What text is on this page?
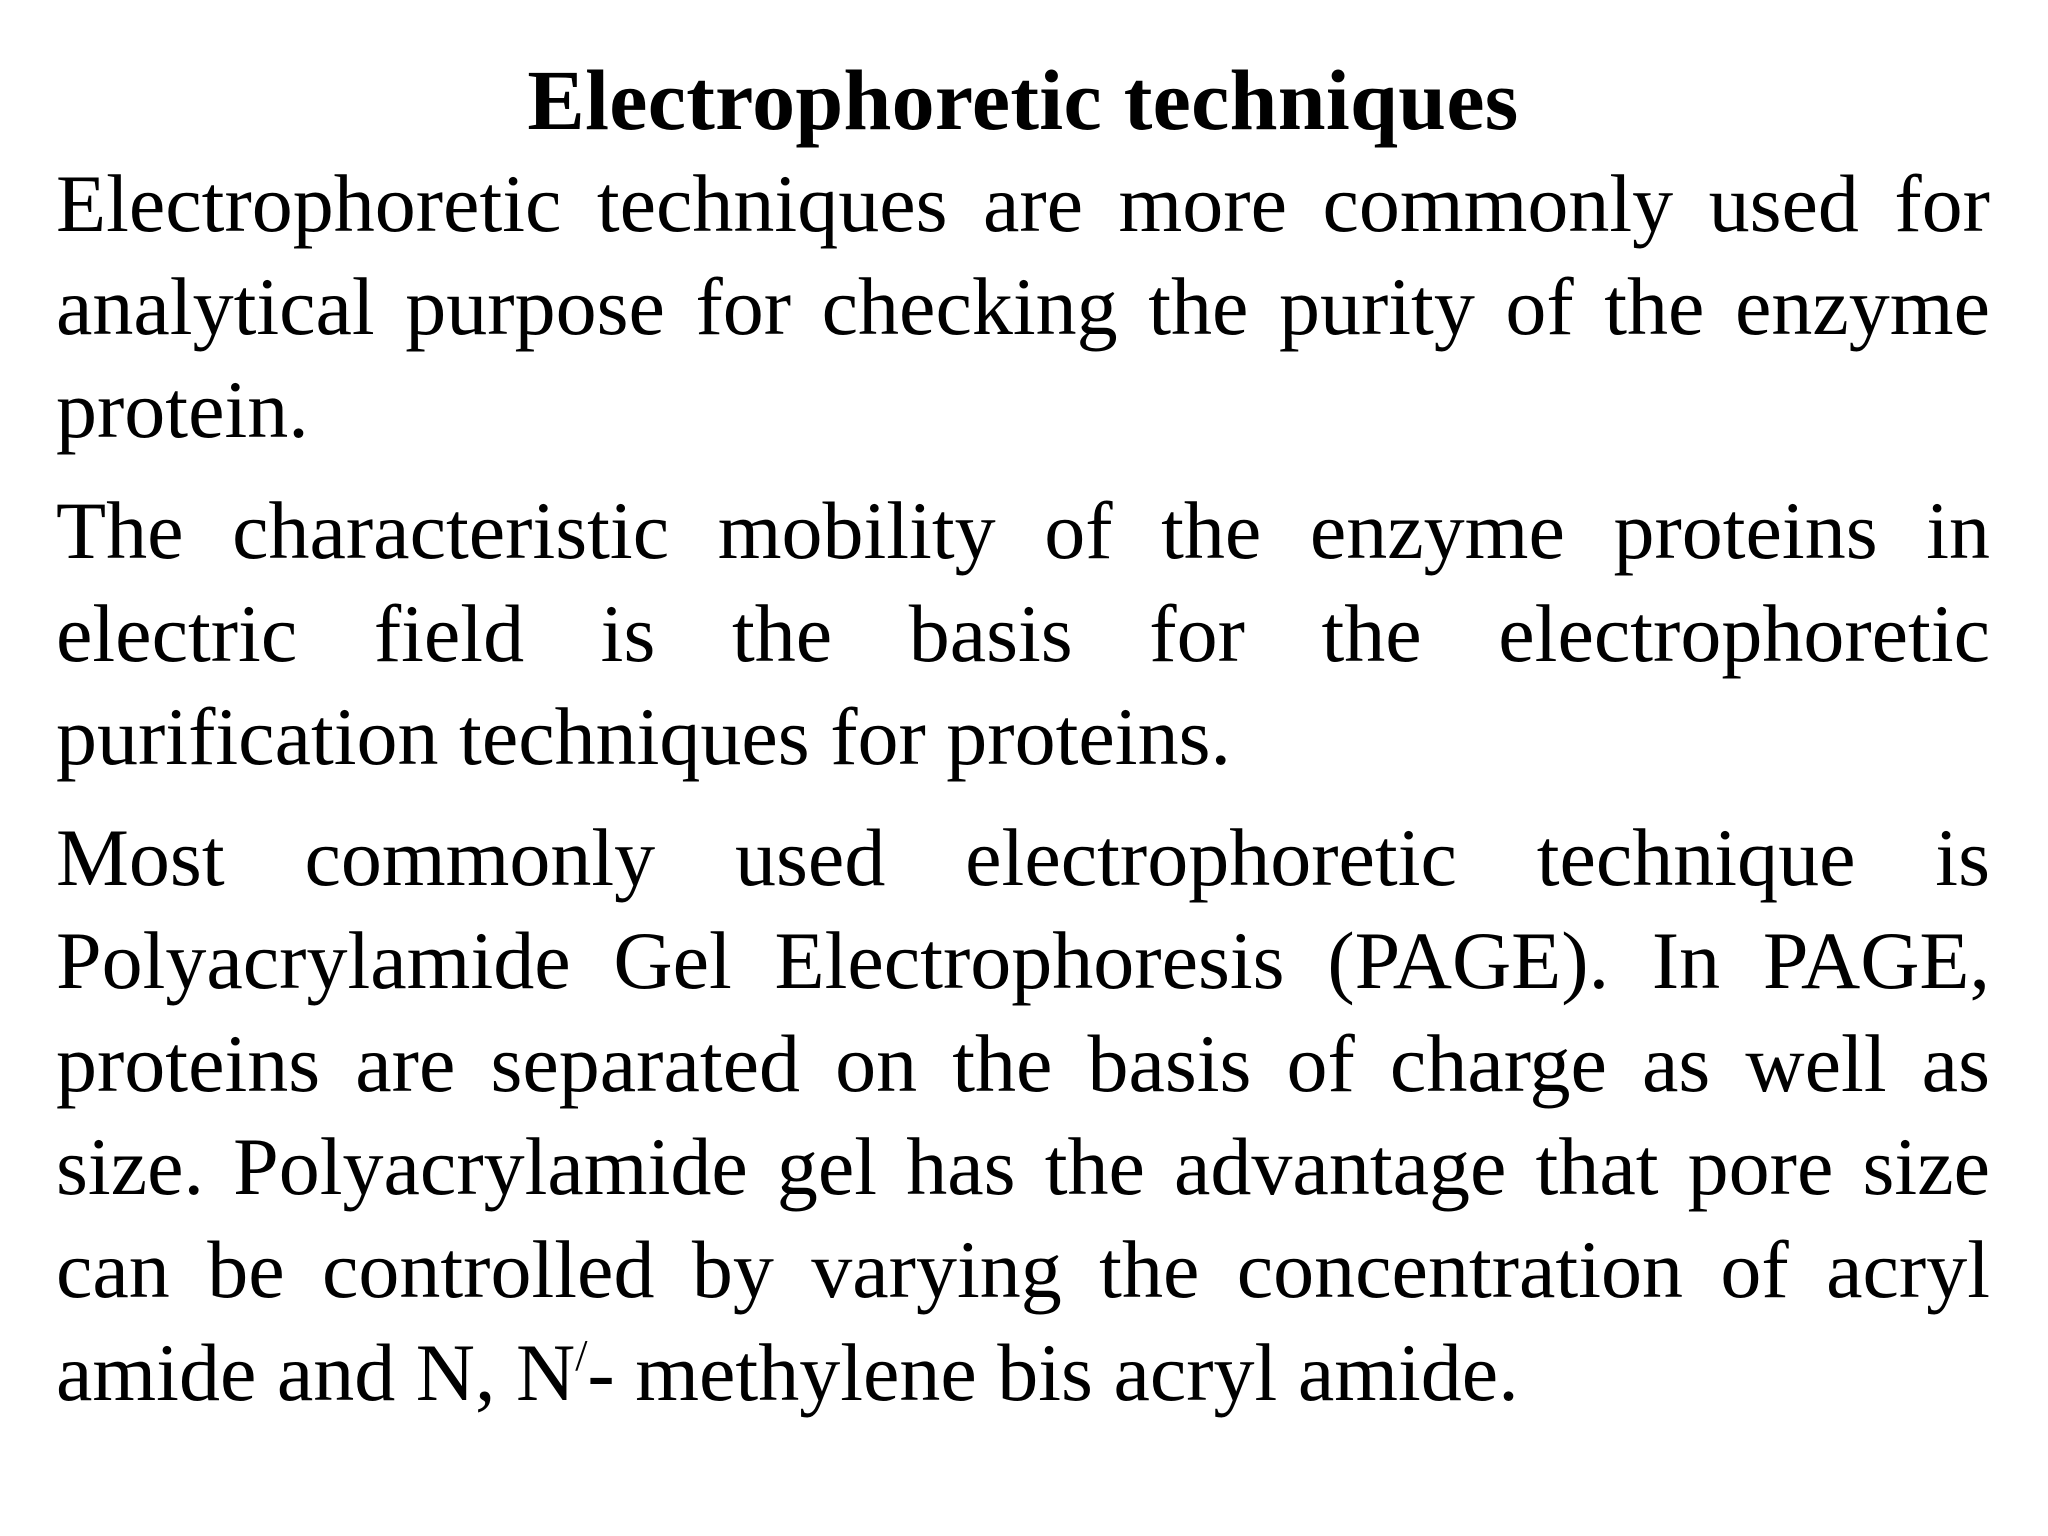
Electrophoretic techniques

Electrophoretic techniques are more commonly used for analytical purpose for checking the purity of the enzyme protein.

The characteristic mobility of the enzyme proteins in electric field is the basis for the electrophoretic purification techniques for proteins.

Most commonly used electrophoretic technique is Polyacrylamide Gel Electrophoresis (PAGE). In PAGE, proteins are separated on the basis of charge as well as size. Polyacrylamide gel has the advantage that pore size can be controlled by varying the concentration of acryl amide and N, N/- methylene bis acryl amide.
